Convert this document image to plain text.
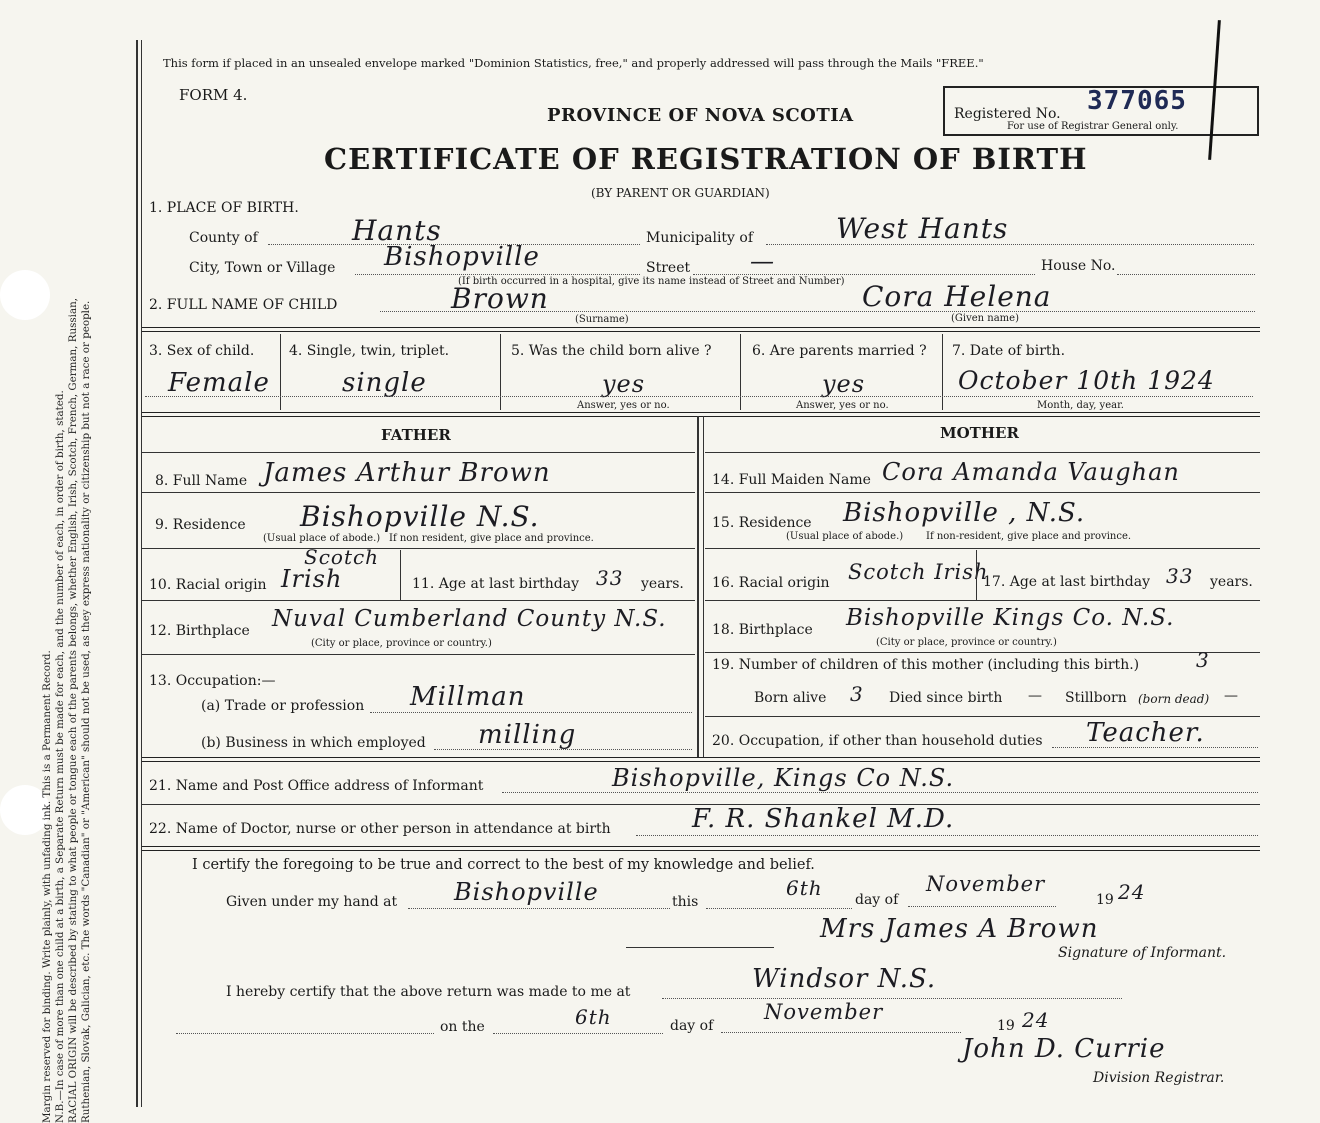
Margin reserved for binding. Write plainly, with unfading ink. This is a Permanent Record. N.B.—In case of more than one child at a birth, a Separate Return must be made for each, and the number of each, in order of birth, stated. RACIAL ORIGIN will be described by stating to what people or tongue each of the parents belongs, whether English, Irish, Scotch, French, German, Russian, Ruthenian, Slovak, Galician, etc. The words "Canadian" or "American" should not be used, as they express nationality or citizenship but not a race or people.
This form if placed in an unsealed envelope marked "Dominion Statistics, free," and properly addressed will pass through the Mails "FREE."
FORM 4.
PROVINCE OF NOVA SCOTIA	Registered No. 377065
For use of Registrar General only.
CERTIFICATE OF REGISTRATION OF BIRTH
(BY PARENT OR GUARDIAN)
1. PLACE OF BIRTH.
County of	Hants	Municipality of	West Hants
City, Town or Village Bishopville	Street —	House No.
(If birth occurred in a hospital, give its name instead of Street and Number)
2. FULL NAME OF CHILD	Brown
(Surname)
Cora Helena
(Given name)
3. Sex of child.
Female
4. Single, twin, triplet.
single
5. Was the child born alive ?
yes
Answer, yes or no.
6. Are parents married ?
yes
Answer, yes or no.
7. Date of birth.
October 10th 1924
Month, day, year.
FATHER	MOTHER
8. Full Name James Arthur Brown
9. Residence Bishopville N.S.
(Usual place of abode.) If non resident, give place and province.
10. Racial origin Irish
Scotch
11. Age at last birthday 33 years.
12. Birthplace Nuval Cumberland County N.S.
(City or place, province or country.)
13. Occupation:—
(a) Trade or profession Millman
(b) Business in which employed milling
14. Full Maiden Name Cora Amanda Vaughan
15. Residence Bishopville , N.S.
(Usual place of abode.) If non-resident, give place and province.
16. Racial origin Scotch Irish
17. Age at last birthday 33 years.
18. Birthplace Bishopville Kings Co. N.S.
(City or place, province or country.)
19. Number of children of this mother (including this birth.)	3
Born alive 3 Died since birth — Stillborn (born dead) —
20. Occupation, if other than household duties Teacher.
21. Name and Post Office address of Informant	Bishopville, Kings Co N.S.
22. Name of Doctor, nurse or other person in attendance at birth	F. R. Shankel M.D.
I certify the foregoing to be true and correct to the best of my knowledge and belief.
Given under my hand at Bishopville	this
6th day of
November
19 24
Mrs James A Brown
Signature of Informant.
I hereby certify that the above return was made to me at	Windsor N.S.
on the	6th	day of
November
19 24
John D. Currie
Division Registrar.
